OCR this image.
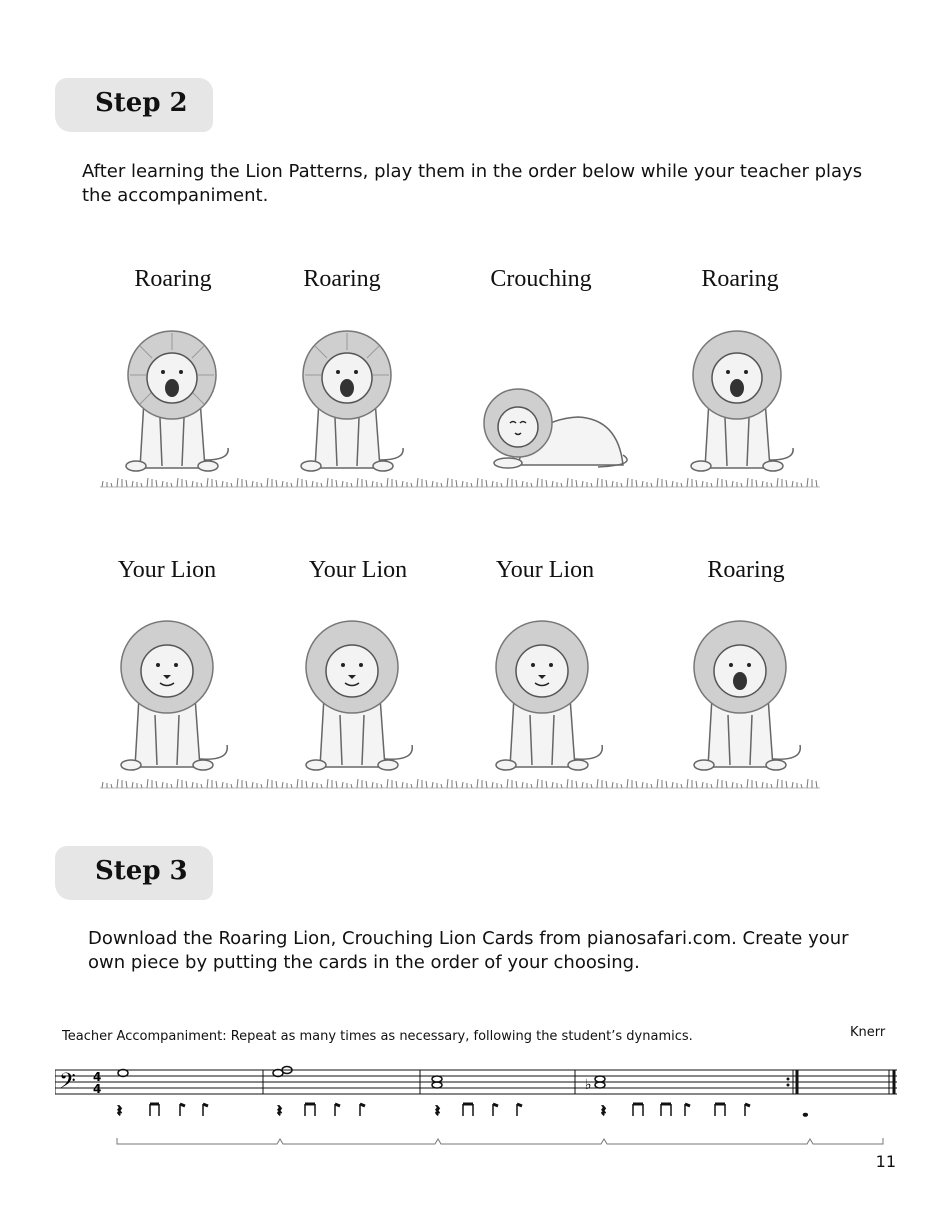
Step 2
After learning the Lion Patterns, play them in the order below while your teacher plays the accompaniment.
Roaring	Roaring	Crouching	Roaring
Your Lion	Your Lion	Your Lion	Roaring
Step 3
Download the Roaring Lion, Crouching Lion Cards from pianosafari.com. Create your own piece by putting the cards in the order of your choosing.
Teacher Accompaniment: Repeat as many times as necessary, following the student’s dynamics.	Knerr
𝄢 4
4	♭
𝄽	𝄽	𝄽	𝄽	𝅝
11
